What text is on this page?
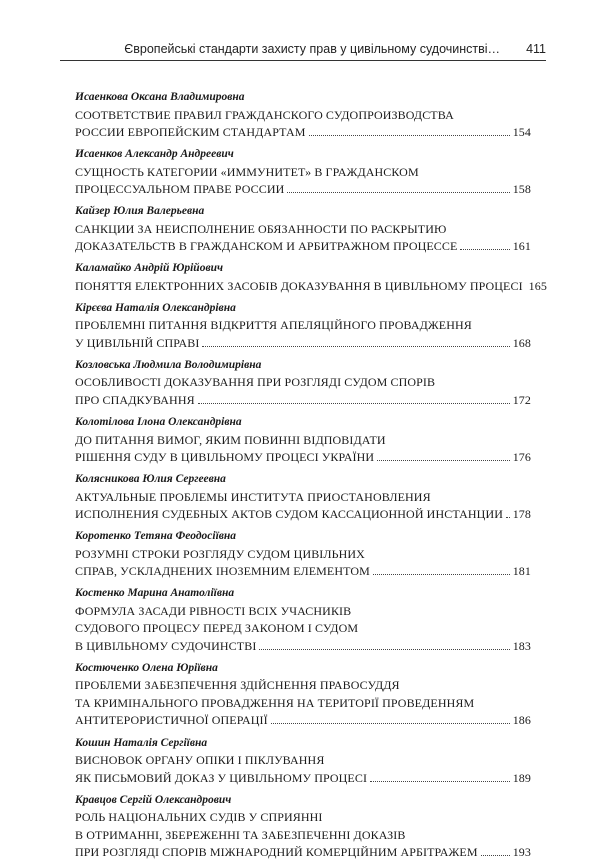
Європейські стандарти захисту прав у цивільному судочинстві… 411
Исаенкова Оксана Владимировна
СООТВЕТСТВИЕ ПРАВИЛ ГРАЖДАНСКОГО СУДОПРОИЗВОДСТВА
РОССИИ ЕВРОПЕЙСКИМ СТАНДАРТАМ	154
Исаенков Александр Андреевич
СУЩНОСТЬ КАТЕГОРИИ «ИММУНИТЕТ» В ГРАЖДАНСКОМ
ПРОЦЕССУАЛЬНОМ ПРАВЕ РОССИИ	158
Кайзер Юлия Валерьевна
САНКЦИИ ЗА НЕИСПОЛНЕНИЕ ОБЯЗАННОСТИ ПО РАСКРЫТИЮ
ДОКАЗАТЕЛЬСТВ В ГРАЖДАНСКОМ И АРБИТРАЖНОМ ПРОЦЕССЕ	161
Каламайко Андрій Юрійович
ПОНЯТТЯ ЕЛЕКТРОННИХ ЗАСОБІВ ДОКАЗУВАННЯ В ЦИВІЛЬНОМУ ПРОЦЕСІ 165
Кірєєва Наталія Олександрівна
ПРОБЛЕМНІ ПИТАННЯ ВІДКРИТТЯ АПЕЛЯЦІЙНОГО ПРОВАДЖЕННЯ
У ЦИВІЛЬНІЙ СПРАВІ	168
Козловська Людмила Володимирівна
ОСОБЛИВОСТІ ДОКАЗУВАННЯ ПРИ РОЗГЛЯДІ СУДОМ СПОРІВ
ПРО СПАДКУВАННЯ	172
Колотілова Ілона Олександрівна
ДО ПИТАННЯ ВИМОГ, ЯКИМ ПОВИННІ ВІДПОВІДАТИ
РІШЕННЯ СУДУ В ЦИВІЛЬНОМУ ПРОЦЕСІ УКРАЇНИ	176
Колясникова Юлия Сергеевна
АКТУАЛЬНЫЕ ПРОБЛЕМЫ ИНСТИТУТА ПРИОСТАНОВЛЕНИЯ
ИСПОЛНЕНИЯ СУДЕБНЫХ АКТОВ СУДОМ КАССАЦИОННОЙ ИНСТАНЦИИ 178
Коротенко Тетяна Феодосіївна
РОЗУМНІ СТРОКИ РОЗГЛЯДУ СУДОМ ЦИВІЛЬНИХ
СПРАВ, УСКЛАДНЕНИХ ІНОЗЕМНИМ ЕЛЕМЕНТОМ	181
Костенко Марина Анатоліївна
ФОРМУЛА ЗАСАДИ РІВНОСТІ ВСІХ УЧАСНИКІВ
СУДОВОГО ПРОЦЕСУ ПЕРЕД ЗАКОНОМ І СУДОМ
В ЦИВІЛЬНОМУ СУДОЧИНСТВІ	183
Костюченко Олена Юріївна
ПРОБЛЕМИ ЗАБЕЗПЕЧЕННЯ ЗДІЙСНЕННЯ ПРАВОСУДДЯ
ТА КРИМІНАЛЬНОГО ПРОВАДЖЕННЯ НА ТЕРИТОРІЇ ПРОВЕДЕННЯМ
АНТИТЕРОРИСТИЧНОЇ ОПЕРАЦІЇ	186
Кошин Наталія Сергіївна
ВИСНОВОК ОРГАНУ ОПІКИ І ПІКЛУВАННЯ
ЯК ПИСЬМОВИЙ ДОКАЗ У ЦИВІЛЬНОМУ ПРОЦЕСІ	189
Кравцов Сергій Олександрович
РОЛЬ НАЦІОНАЛЬНИХ СУДІВ У СПРИЯННІ
В ОТРИМАННІ, ЗБЕРЕЖЕННІ ТА ЗАБЕЗПЕЧЕННІ ДОКАЗІВ
ПРИ РОЗГЛЯДІ СПОРІВ МІЖНАРОДНИЙ КОМЕРЦІЙНИМ АРБІТРАЖЕМ	193
